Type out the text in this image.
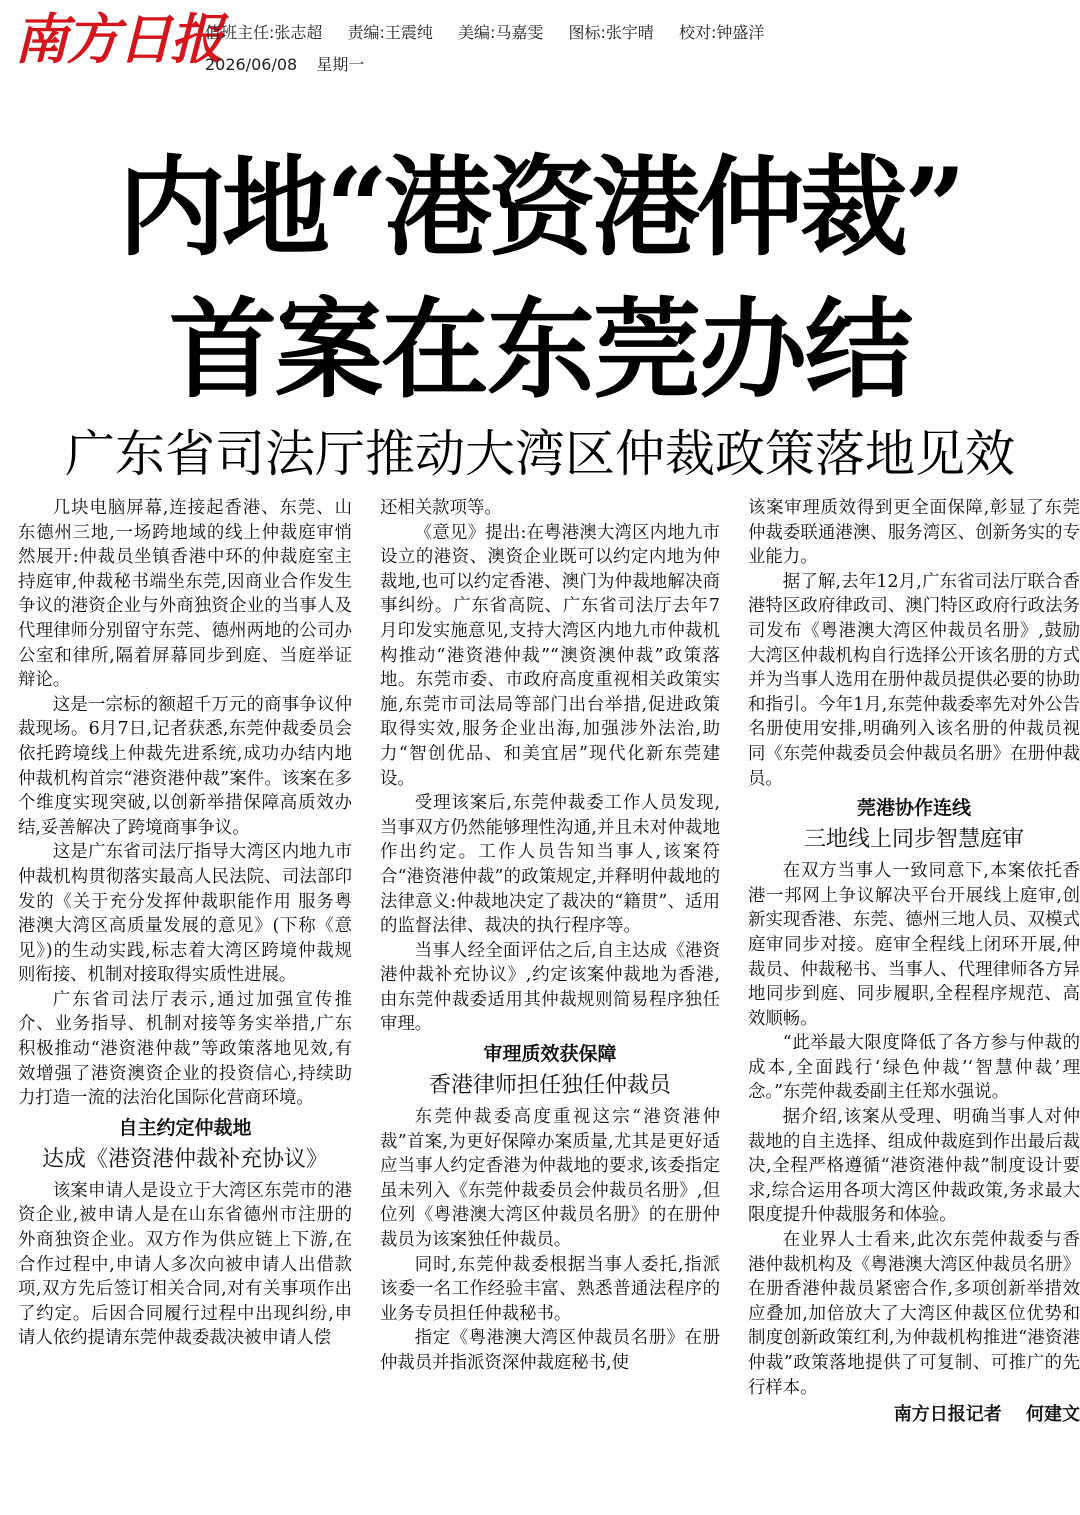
南方日报
值班主任:张志超 责编:王震纯 美编:马嘉雯 图标:张宇晴 校对:钟盛洋
2026/06/08 星期一
内地“港资港仲裁”
首案在东莞办结
广东省司法厅推动大湾区仲裁政策落地见效

几块电脑屏幕,连接起香港、东莞、山东德州三地,一场跨地域的线上仲裁庭审悄然展开:仲裁员坐镇香港中环的仲裁庭室主持庭审,仲裁秘书端坐东莞,因商业合作发生争议的港资企业与外商独资企业的当事人及代理律师分别留守东莞、德州两地的公司办公室和律所,隔着屏幕同步到庭、当庭举证辩论。

这是一宗标的额超千万元的商事争议仲裁现场。6月7日,记者获悉,东莞仲裁委员会依托跨境线上仲裁先进系统,成功办结内地仲裁机构首宗“港资港仲裁”案件。该案在多个维度实现突破,以创新举措保障高质效办结,妥善解决了跨境商事争议。

这是广东省司法厅指导大湾区内地九市仲裁机构贯彻落实最高人民法院、司法部印发的《关于充分发挥仲裁职能作用 服务粤港澳大湾区高质量发展的意见》(下称《意见》)的生动实践,标志着大湾区跨境仲裁规则衔接、机制对接取得实质性进展。

广东省司法厅表示,通过加强宣传推介、业务指导、机制对接等务实举措,广东积极推动“港资港仲裁”等政策落地见效,有效增强了港资澳资企业的投资信心,持续助力打造一流的法治化国际化营商环境。

自主约定仲裁地
达成《港资港仲裁补充协议》

该案申请人是设立于大湾区东莞市的港资企业,被申请人是在山东省德州市注册的外商独资企业。双方作为供应链上下游,在合作过程中,申请人多次向被申请人出借款项,双方先后签订相关合同,对有关事项作出了约定。后因合同履行过程中出现纠纷,申请人依约提请东莞仲裁委裁决被申请人偿

还相关款项等。

《意见》提出:在粤港澳大湾区内地九市设立的港资、澳资企业既可以约定内地为仲裁地,也可以约定香港、澳门为仲裁地解决商事纠纷。广东省高院、广东省司法厅去年7月印发实施意见,支持大湾区内地九市仲裁机构推动“港资港仲裁”“澳资澳仲裁”政策落地。东莞市委、市政府高度重视相关政策实施,东莞市司法局等部门出台举措,促进政策取得实效,服务企业出海,加强涉外法治,助力“智创优品、和美宜居”现代化新东莞建设。

受理该案后,东莞仲裁委工作人员发现,当事双方仍然能够理性沟通,并且未对仲裁地作出约定。工作人员告知当事人,该案符合“港资港仲裁”的政策规定,并释明仲裁地的法律意义:仲裁地决定了裁决的“籍贯”、适用的监督法律、裁决的执行程序等。

当事人经全面评估之后,自主达成《港资港仲裁补充协议》,约定该案仲裁地为香港,由东莞仲裁委适用其仲裁规则简易程序独任审理。

审理质效获保障
香港律师担任独任仲裁员

东莞仲裁委高度重视这宗“港资港仲裁”首案,为更好保障办案质量,尤其是更好适应当事人约定香港为仲裁地的要求,该委指定虽未列入《东莞仲裁委员会仲裁员名册》,但位列《粤港澳大湾区仲裁员名册》的在册仲裁员为该案独任仲裁员。

同时,东莞仲裁委根据当事人委托,指派该委一名工作经验丰富、熟悉普通法程序的业务专员担任仲裁秘书。

指定《粤港澳大湾区仲裁员名册》在册仲裁员并指派资深仲裁庭秘书,使

该案审理质效得到更全面保障,彰显了东莞仲裁委联通港澳、服务湾区、创新务实的专业能力。

据了解,去年12月,广东省司法厅联合香港特区政府律政司、澳门特区政府行政法务司发布《粤港澳大湾区仲裁员名册》,鼓励大湾区仲裁机构自行选择公开该名册的方式并为当事人选用在册仲裁员提供必要的协助和指引。今年1月,东莞仲裁委率先对外公告名册使用安排,明确列入该名册的仲裁员视同《东莞仲裁委员会仲裁员名册》在册仲裁员。

莞港协作连线
三地线上同步智慧庭审

在双方当事人一致同意下,本案依托香港一邦网上争议解决平台开展线上庭审,创新实现香港、东莞、德州三地人员、双模式庭审同步对接。庭审全程线上闭环开展,仲裁员、仲裁秘书、当事人、代理律师各方异地同步到庭、同步履职,全程程序规范、高效顺畅。

“此举最大限度降低了各方参与仲裁的成本,全面践行‘绿色仲裁’‘智慧仲裁’理念。”东莞仲裁委副主任郑水强说。

据介绍,该案从受理、明确当事人对仲裁地的自主选择、组成仲裁庭到作出最后裁决,全程严格遵循“港资港仲裁”制度设计要求,综合运用各项大湾区仲裁政策,务求最大限度提升仲裁服务和体验。

在业界人士看来,此次东莞仲裁委与香港仲裁机构及《粤港澳大湾区仲裁员名册》在册香港仲裁员紧密合作,多项创新举措效应叠加,加倍放大了大湾区仲裁区位优势和制度创新政策红利,为仲裁机构推进“港资港仲裁”政策落地提供了可复制、可推广的先行样本。

南方日报记者 何建文
